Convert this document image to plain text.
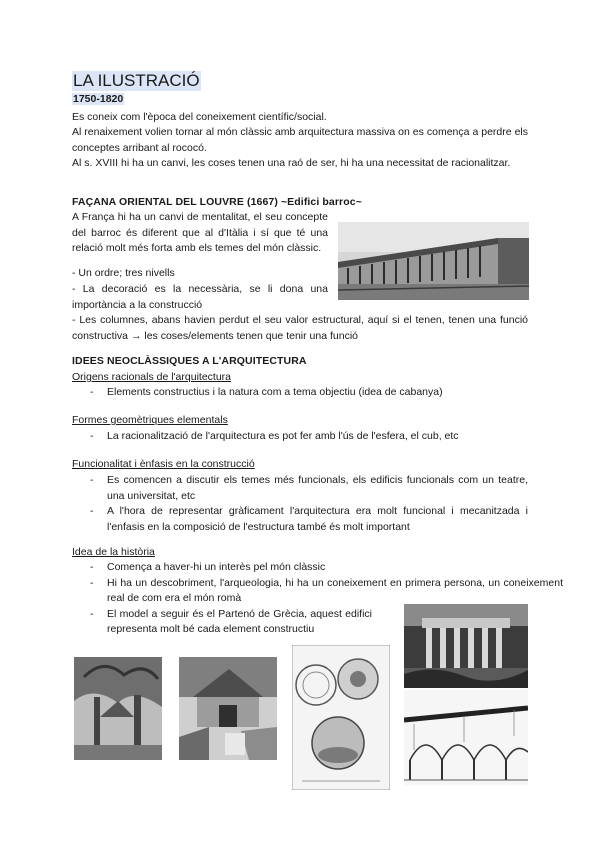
LA ILUSTRACIÓ
1750-1820
Es coneix com l'època del coneixement científic/social.
Al renaixement volien tornar al món clàssic amb arquitectura massiva on es comença a perdre els conceptes arribant al rococó.
Al s. XVIII hi ha un canvi, les coses tenen una raó de ser, hi ha una necessitat de racionalitzar.
FAÇANA ORIENTAL DEL LOUVRE (1667) ~Edifici barroc~
A França hi ha un canvi de mentalitat, el seu concepte del barroc és diferent que al d'Itàlia i sí que té una relació molt més forta amb els temes del món clàssic.
- Un ordre; tres nivells
- La decoració es la necessària, se li dona una importància a la construcció
- Les columnes, abans havien perdut el seu valor estructural, aquí si el tenen, tenen una funció constructiva → les coses/elements tenen que tenir una funció
IDEES NEOCLÀSSIQUES A L'ARQUITECTURA
Origens racionals de l'arquitectura
- Elements constructius i la natura com a tema objectiu (idea de cabanya)
Formes geomètriques elementals
- La racionalització de l'arquitectura es pot fer amb l'ús de l'esfera, el cub, etc
Funcionalitat i ènfasis en la construcció
- Es comencen a discutir els temes més funcionals, els edificis funcionals com un teatre, una universitat, etc
- A l'hora de representar gràficament l'arquitectura era molt funcional i mecanitzada i l'enfasis en la composició de l'estructura també és molt important
Idea de la història
- Comença a haver-hi un interès pel món clàssic
- Hi ha un descobriment, l'arqueologia, hi ha un coneixement en primera persona, un coneixement real de com era el món romà
- El model a seguir és el Partenó de Grècia, aquest edifici representa molt bé cada element constructiu
